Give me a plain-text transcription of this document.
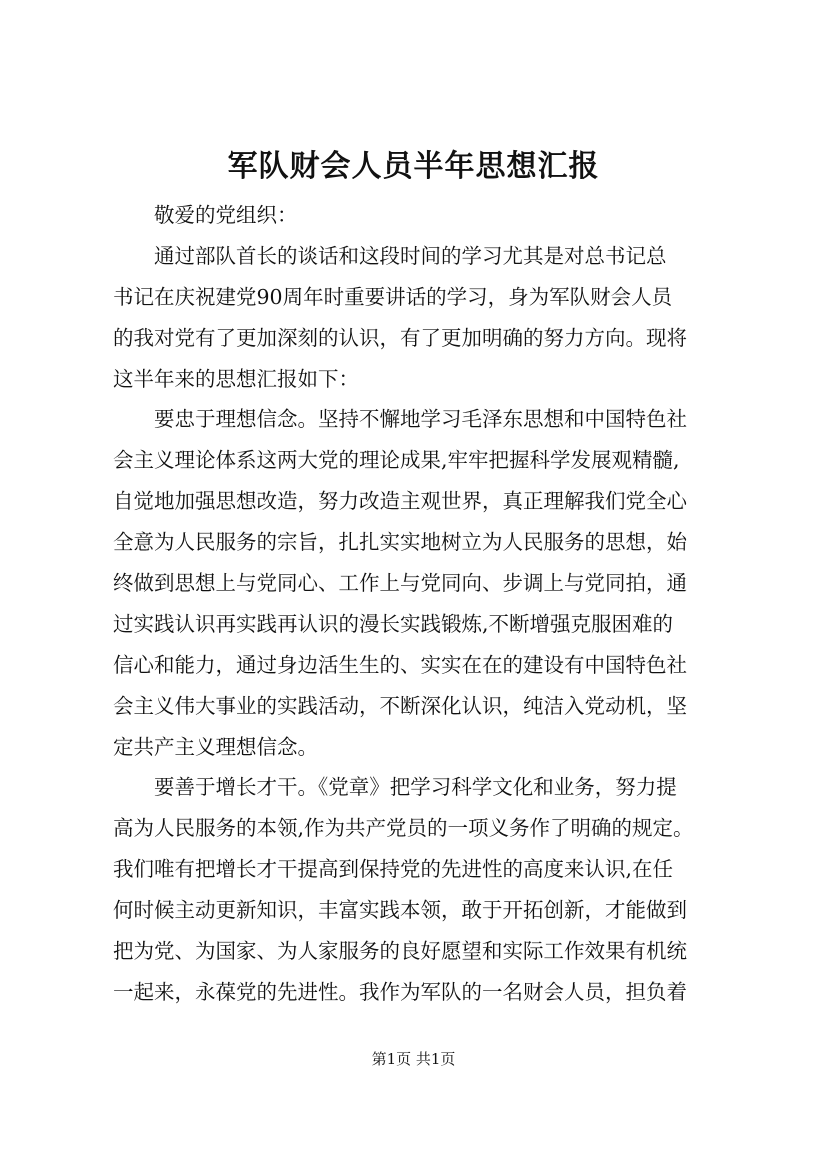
军队财会人员半年思想汇报
敬爱的党组织：
通过部队首长的谈话和这段时间的学习尤其是对总书记总
书记在庆祝建党90周年时重要讲话的学习，身为军队财会人员
的我对党有了更加深刻的认识，有了更加明确的努力方向。现将
这半年来的思想汇报如下：
要忠于理想信念。坚持不懈地学习毛泽东思想和中国特色社
会主义理论体系这两大党的理论成果,牢牢把握科学发展观精髓,
自觉地加强思想改造，努力改造主观世界，真正理解我们党全心
全意为人民服务的宗旨，扎扎实实地树立为人民服务的思想，始
终做到思想上与党同心、工作上与党同向、步调上与党同拍，通
过实践认识再实践再认识的漫长实践锻炼,不断增强克服困难的
信心和能力，通过身边活生生的、实实在在的建设有中国特色社
会主义伟大事业的实践活动，不断深化认识，纯洁入党动机，坚
定共产主义理想信念。
要善于增长才干。《党章》把学习科学文化和业务，努力提
高为人民服务的本领,作为共产党员的一项义务作了明确的规定。
我们唯有把增长才干提高到保持党的先进性的高度来认识,在任
何时候主动更新知识，丰富实践本领，敢于开拓创新，才能做到
把为党、为国家、为人家服务的良好愿望和实际工作效果有机统
一起来，永葆党的先进性。我作为军队的一名财会人员，担负着
第1页 共1页
